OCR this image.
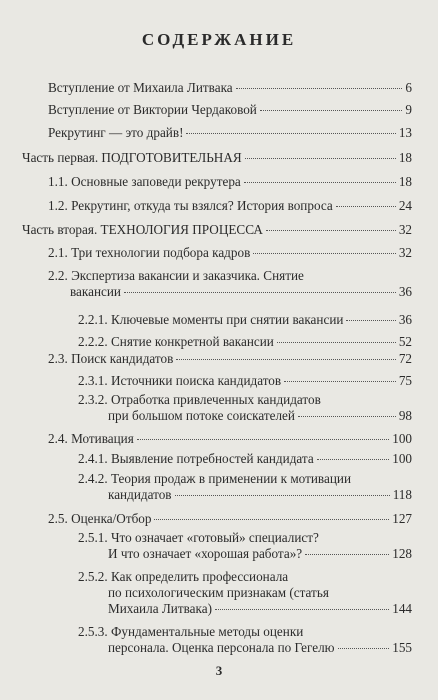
СОДЕРЖАНИЕ
Вступление от Михаила Литвака	6
Вступление от Виктории Чердаковой	9
Рекрутинг — это драйв!	13
Часть первая. ПОДГОТОВИТЕЛЬНАЯ	18
1.1. Основные заповеди рекрутера	18
1.2. Рекрутинг, откуда ты взялся? История вопроса	24
Часть вторая. ТЕХНОЛОГИЯ ПРОЦЕССА	32
2.1. Три технологии подбора кадров	32
2.2. Экспертиза вакансии и заказчика. Снятие
вакансии	36
2.2.1. Ключевые моменты при снятии вакансии	36
2.2.2. Снятие конкретной вакансии	52
2.3. Поиск кандидатов	72
2.3.1. Источники поиска кандидатов	75
2.3.2. Отработка привлеченных кандидатов
при большом потоке соискателей	98
2.4. Мотивация	100
2.4.1. Выявление потребностей кандидата	100
2.4.2. Теория продаж в применении к мотивации
кандидатов	118
2.5. Оценка/Отбор	127
2.5.1. Что означает «готовый» специалист?
И что означает «хорошая работа»?	128
2.5.2. Как определить профессионала
по психологическим признакам (статья
Михаила Литвака)	144
2.5.3. Фундаментальные методы оценки
персонала. Оценка персонала по Гегелю	155
3
